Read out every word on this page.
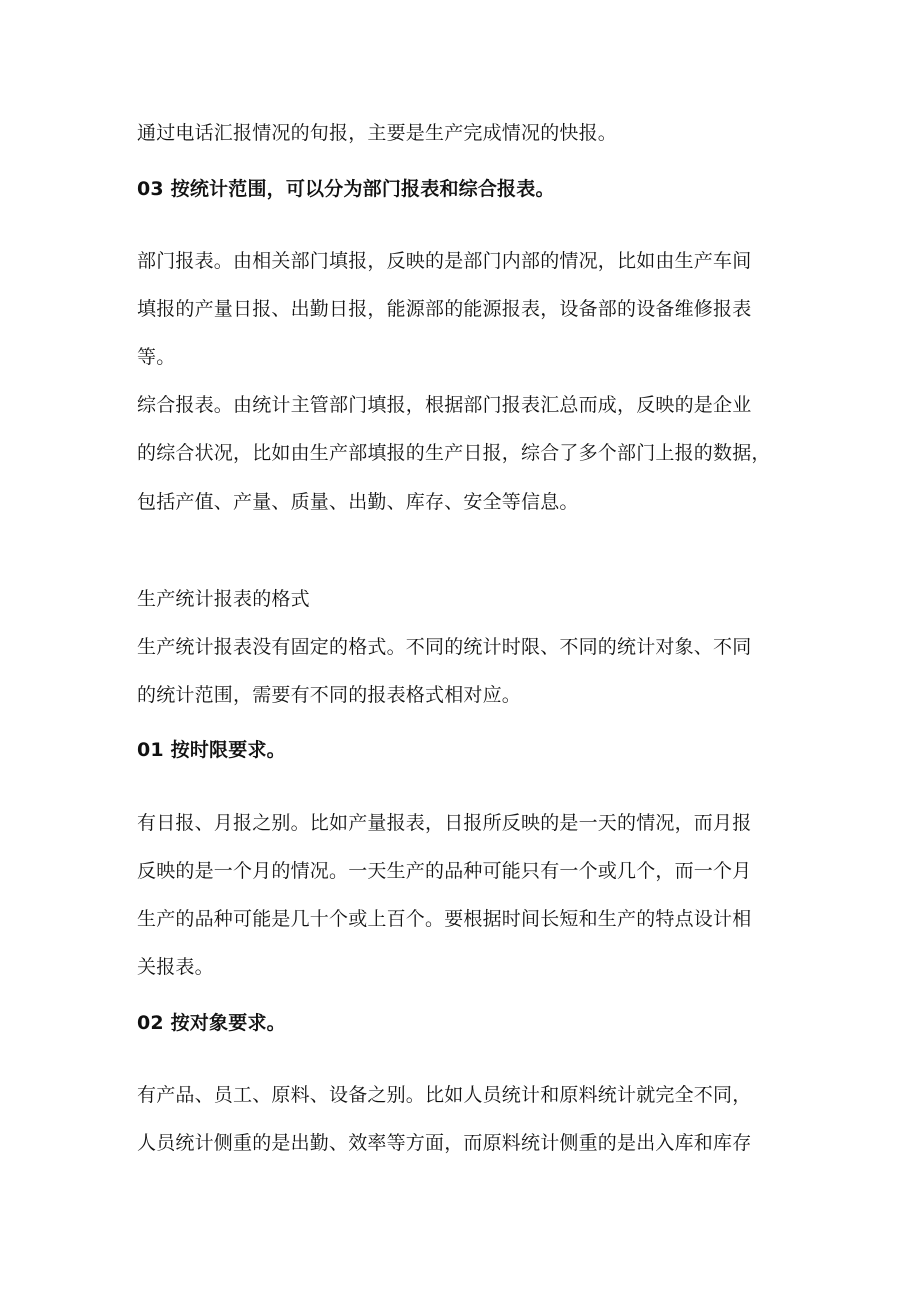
通过电话汇报情况的旬报，主要是生产完成情况的快报。
03 按统计范围，可以分为部门报表和综合报表。
部门报表。由相关部门填报，反映的是部门内部的情况，比如由生产车间
填报的产量日报、出勤日报，能源部的能源报表，设备部的设备维修报表
等。
综合报表。由统计主管部门填报，根据部门报表汇总而成，反映的是企业
的综合状况，比如由生产部填报的生产日报，综合了多个部门上报的数据，
包括产值、产量、质量、出勤、库存、安全等信息。
生产统计报表的格式
生产统计报表没有固定的格式。不同的统计时限、不同的统计对象、不同
的统计范围，需要有不同的报表格式相对应。
01 按时限要求。
有日报、月报之别。比如产量报表，日报所反映的是一天的情况，而月报
反映的是一个月的情况。一天生产的品种可能只有一个或几个，而一个月
生产的品种可能是几十个或上百个。要根据时间长短和生产的特点设计相
关报表。
02 按对象要求。
有产品、员工、原料、设备之别。比如人员统计和原料统计就完全不同，
人员统计侧重的是出勤、效率等方面，而原料统计侧重的是出入库和库存
